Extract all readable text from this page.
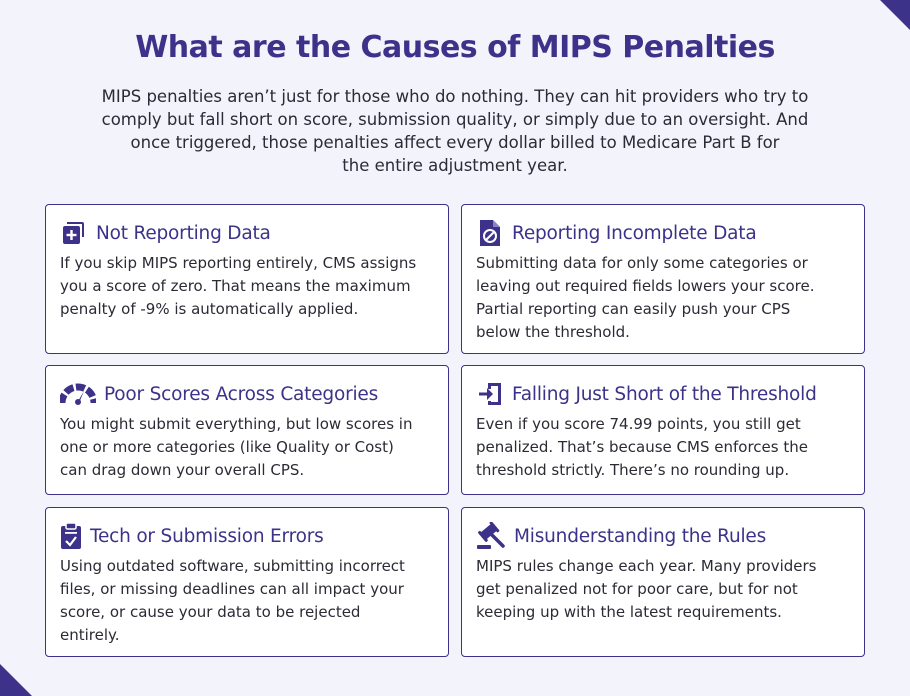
What are the Causes of MIPS Penalties
MIPS penalties aren’t just for those who do nothing. They can hit providers who try to
comply but fall short on score, submission quality, or simply due to an oversight. And
once triggered, those penalties affect every dollar billed to Medicare Part B for
the entire adjustment year.
Not Reporting Data
If you skip MIPS reporting entirely, CMS assigns
you a score of zero. That means the maximum
penalty of -9% is automatically applied.
Reporting Incomplete Data
Submitting data for only some categories or
leaving out required fields lowers your score.
Partial reporting can easily push your CPS
below the threshold.
Poor Scores Across Categories
You might submit everything, but low scores in
one or more categories (like Quality or Cost)
can drag down your overall CPS.
Falling Just Short of the Threshold
Even if you score 74.99 points, you still get
penalized. That’s because CMS enforces the
threshold strictly. There’s no rounding up.
Tech or Submission Errors
Using outdated software, submitting incorrect
files, or missing deadlines can all impact your
score, or cause your data to be rejected
entirely.
Misunderstanding the Rules
MIPS rules change each year. Many providers
get penalized not for poor care, but for not
keeping up with the latest requirements.
